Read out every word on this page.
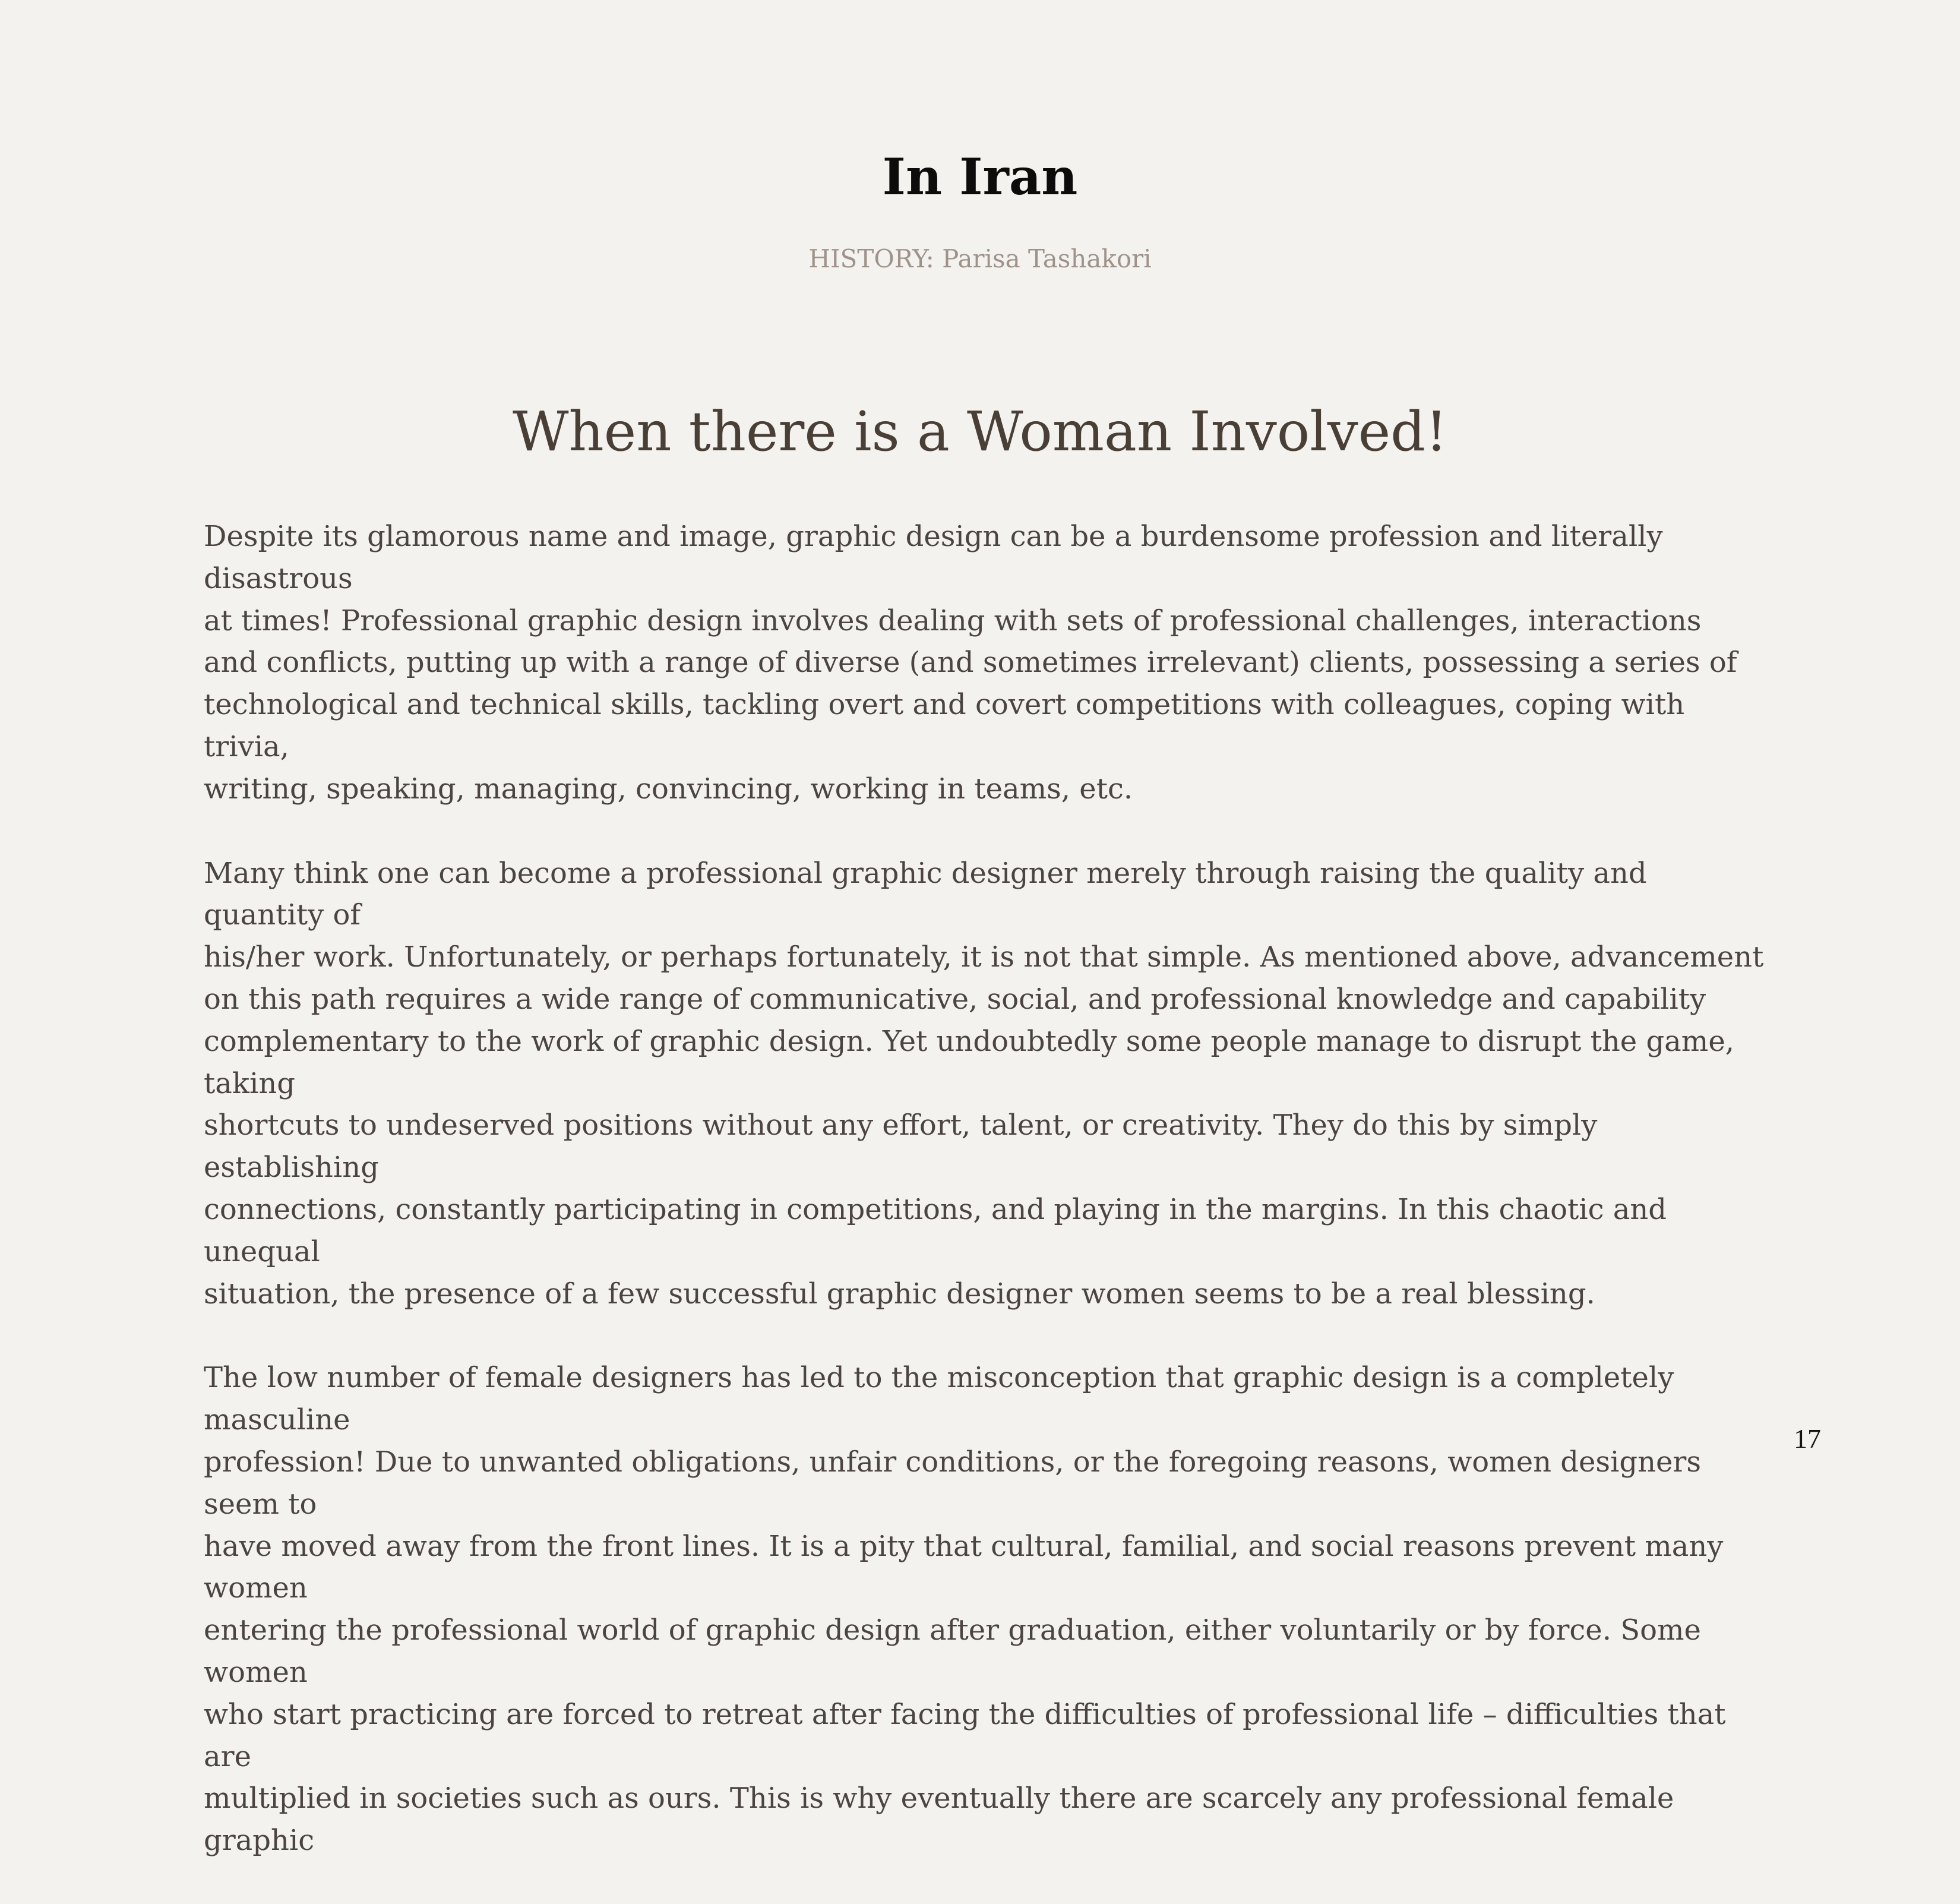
In Iran
HISTORY: Parisa Tashakori
When there is a Woman Involved!

Despite its glamorous name and image, graphic design can be a burdensome profession and literally disastrous
at times! Professional graphic design involves dealing with sets of professional challenges, interactions
and conflicts, putting up with a range of diverse (and sometimes irrelevant) clients, possessing a series of
technological and technical skills, tackling overt and covert competitions with colleagues, coping with trivia,
writing, speaking, managing, convincing, working in teams, etc.

Many think one can become a professional graphic designer merely through raising the quality and quantity of
his/her work. Unfortunately, or perhaps fortunately, it is not that simple. As mentioned above, advancement
on this path requires a wide range of communicative, social, and professional knowledge and capability
complementary to the work of graphic design. Yet undoubtedly some people manage to disrupt the game, taking
shortcuts to undeserved positions without any effort, talent, or creativity. They do this by simply establishing
connections, constantly participating in competitions, and playing in the margins. In this chaotic and unequal
situation, the presence of a few successful graphic designer women seems to be a real blessing.

The low number of female designers has led to the misconception that graphic design is a completely masculine
profession! Due to unwanted obligations, unfair conditions, or the foregoing reasons, women designers seem to
have moved away from the front lines. It is a pity that cultural, familial, and social reasons prevent many women
entering the professional world of graphic design after graduation, either voluntarily or by force. Some women
who start practicing are forced to retreat after facing the difficulties of professional life – difficulties that are
multiplied in societies such as ours. This is why eventually there are scarcely any professional female graphic

17
